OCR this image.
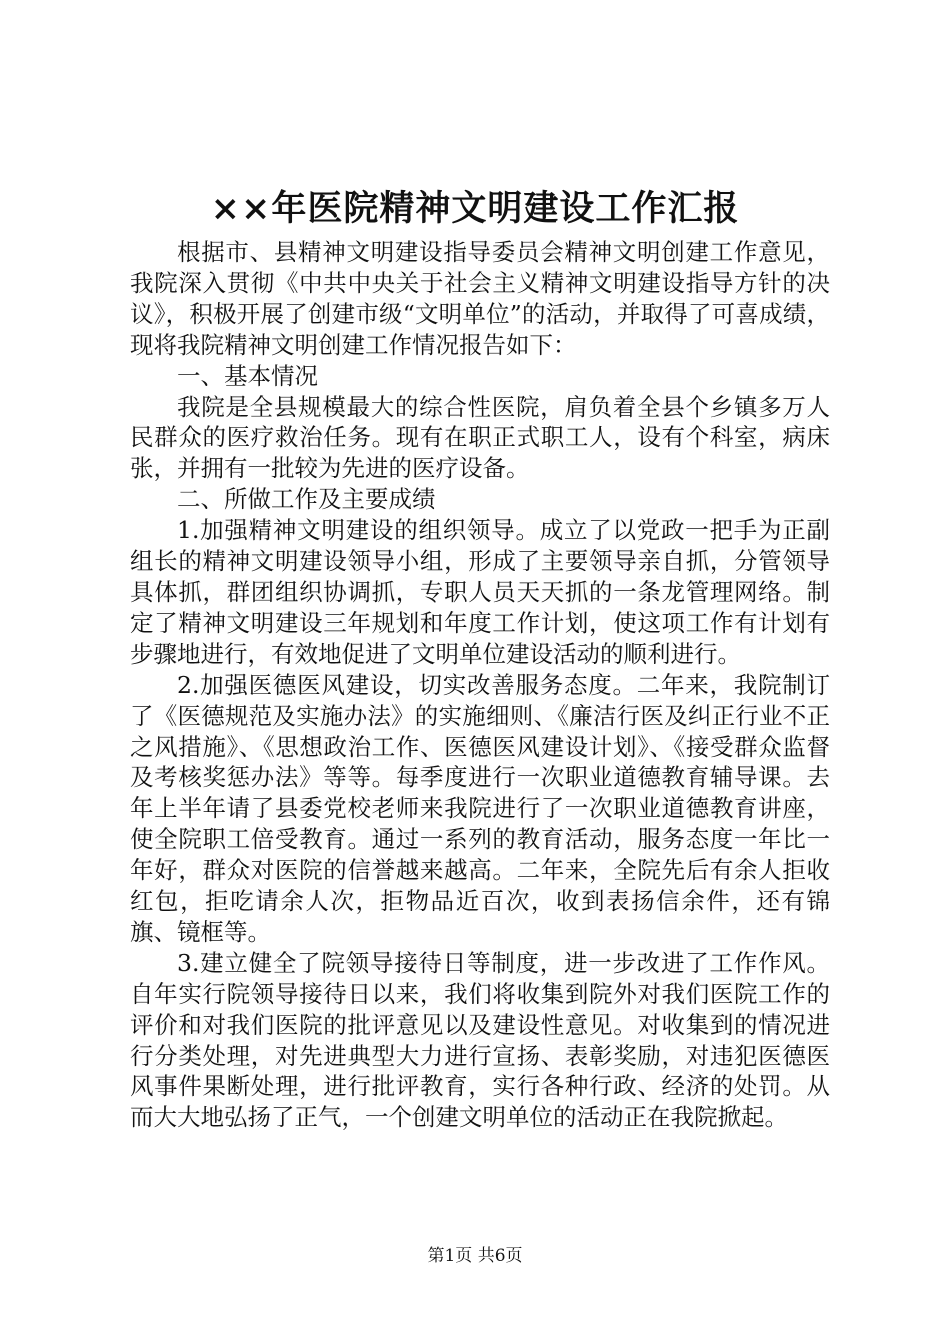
××年医院精神文明建设工作汇报

根据市、县精神文明建设指导委员会精神文明创建工作意见，我院深入贯彻《中共中央关于社会主义精神文明建设指导方针的决议》，积极开展了创建市级“文明单位”的活动，并取得了可喜成绩，现将我院精神文明创建工作情况报告如下：

一、基本情况

我院是全县规模最大的综合性医院，肩负着全县个乡镇多万人民群众的医疗救治任务。现有在职正式职工人，设有个科室，病床张，并拥有一批较为先进的医疗设备。

二、所做工作及主要成绩

1.加强精神文明建设的组织领导。成立了以党政一把手为正副组长的精神文明建设领导小组，形成了主要领导亲自抓，分管领导具体抓，群团组织协调抓，专职人员天天抓的一条龙管理网络。制定了精神文明建设三年规划和年度工作计划，使这项工作有计划有步骤地进行，有效地促进了文明单位建设活动的顺利进行。

2.加强医德医风建设，切实改善服务态度。二年来，我院制订了《医德规范及实施办法》的实施细则、《廉洁行医及纠正行业不正之风措施》、《思想政治工作、医德医风建设计划》、《接受群众监督及考核奖惩办法》等等。每季度进行一次职业道德教育辅导课。去年上半年请了县委党校老师来我院进行了一次职业道德教育讲座，使全院职工倍受教育。通过一系列的教育活动，服务态度一年比一年好，群众对医院的信誉越来越高。二年来，全院先后有余人拒收红包，拒吃请余人次，拒物品近百次，收到表扬信余件，还有锦旗、镜框等。

3.建立健全了院领导接待日等制度，进一步改进了工作作风。自年实行院领导接待日以来，我们将收集到院外对我们医院工作的评价和对我们医院的批评意见以及建设性意见。对收集到的情况进行分类处理，对先进典型大力进行宣扬、表彰奖励，对违犯医德医风事件果断处理，进行批评教育，实行各种行政、经济的处罚。从而大大地弘扬了正气，一个创建文明单位的活动正在我院掀起。

第1页 共6页
